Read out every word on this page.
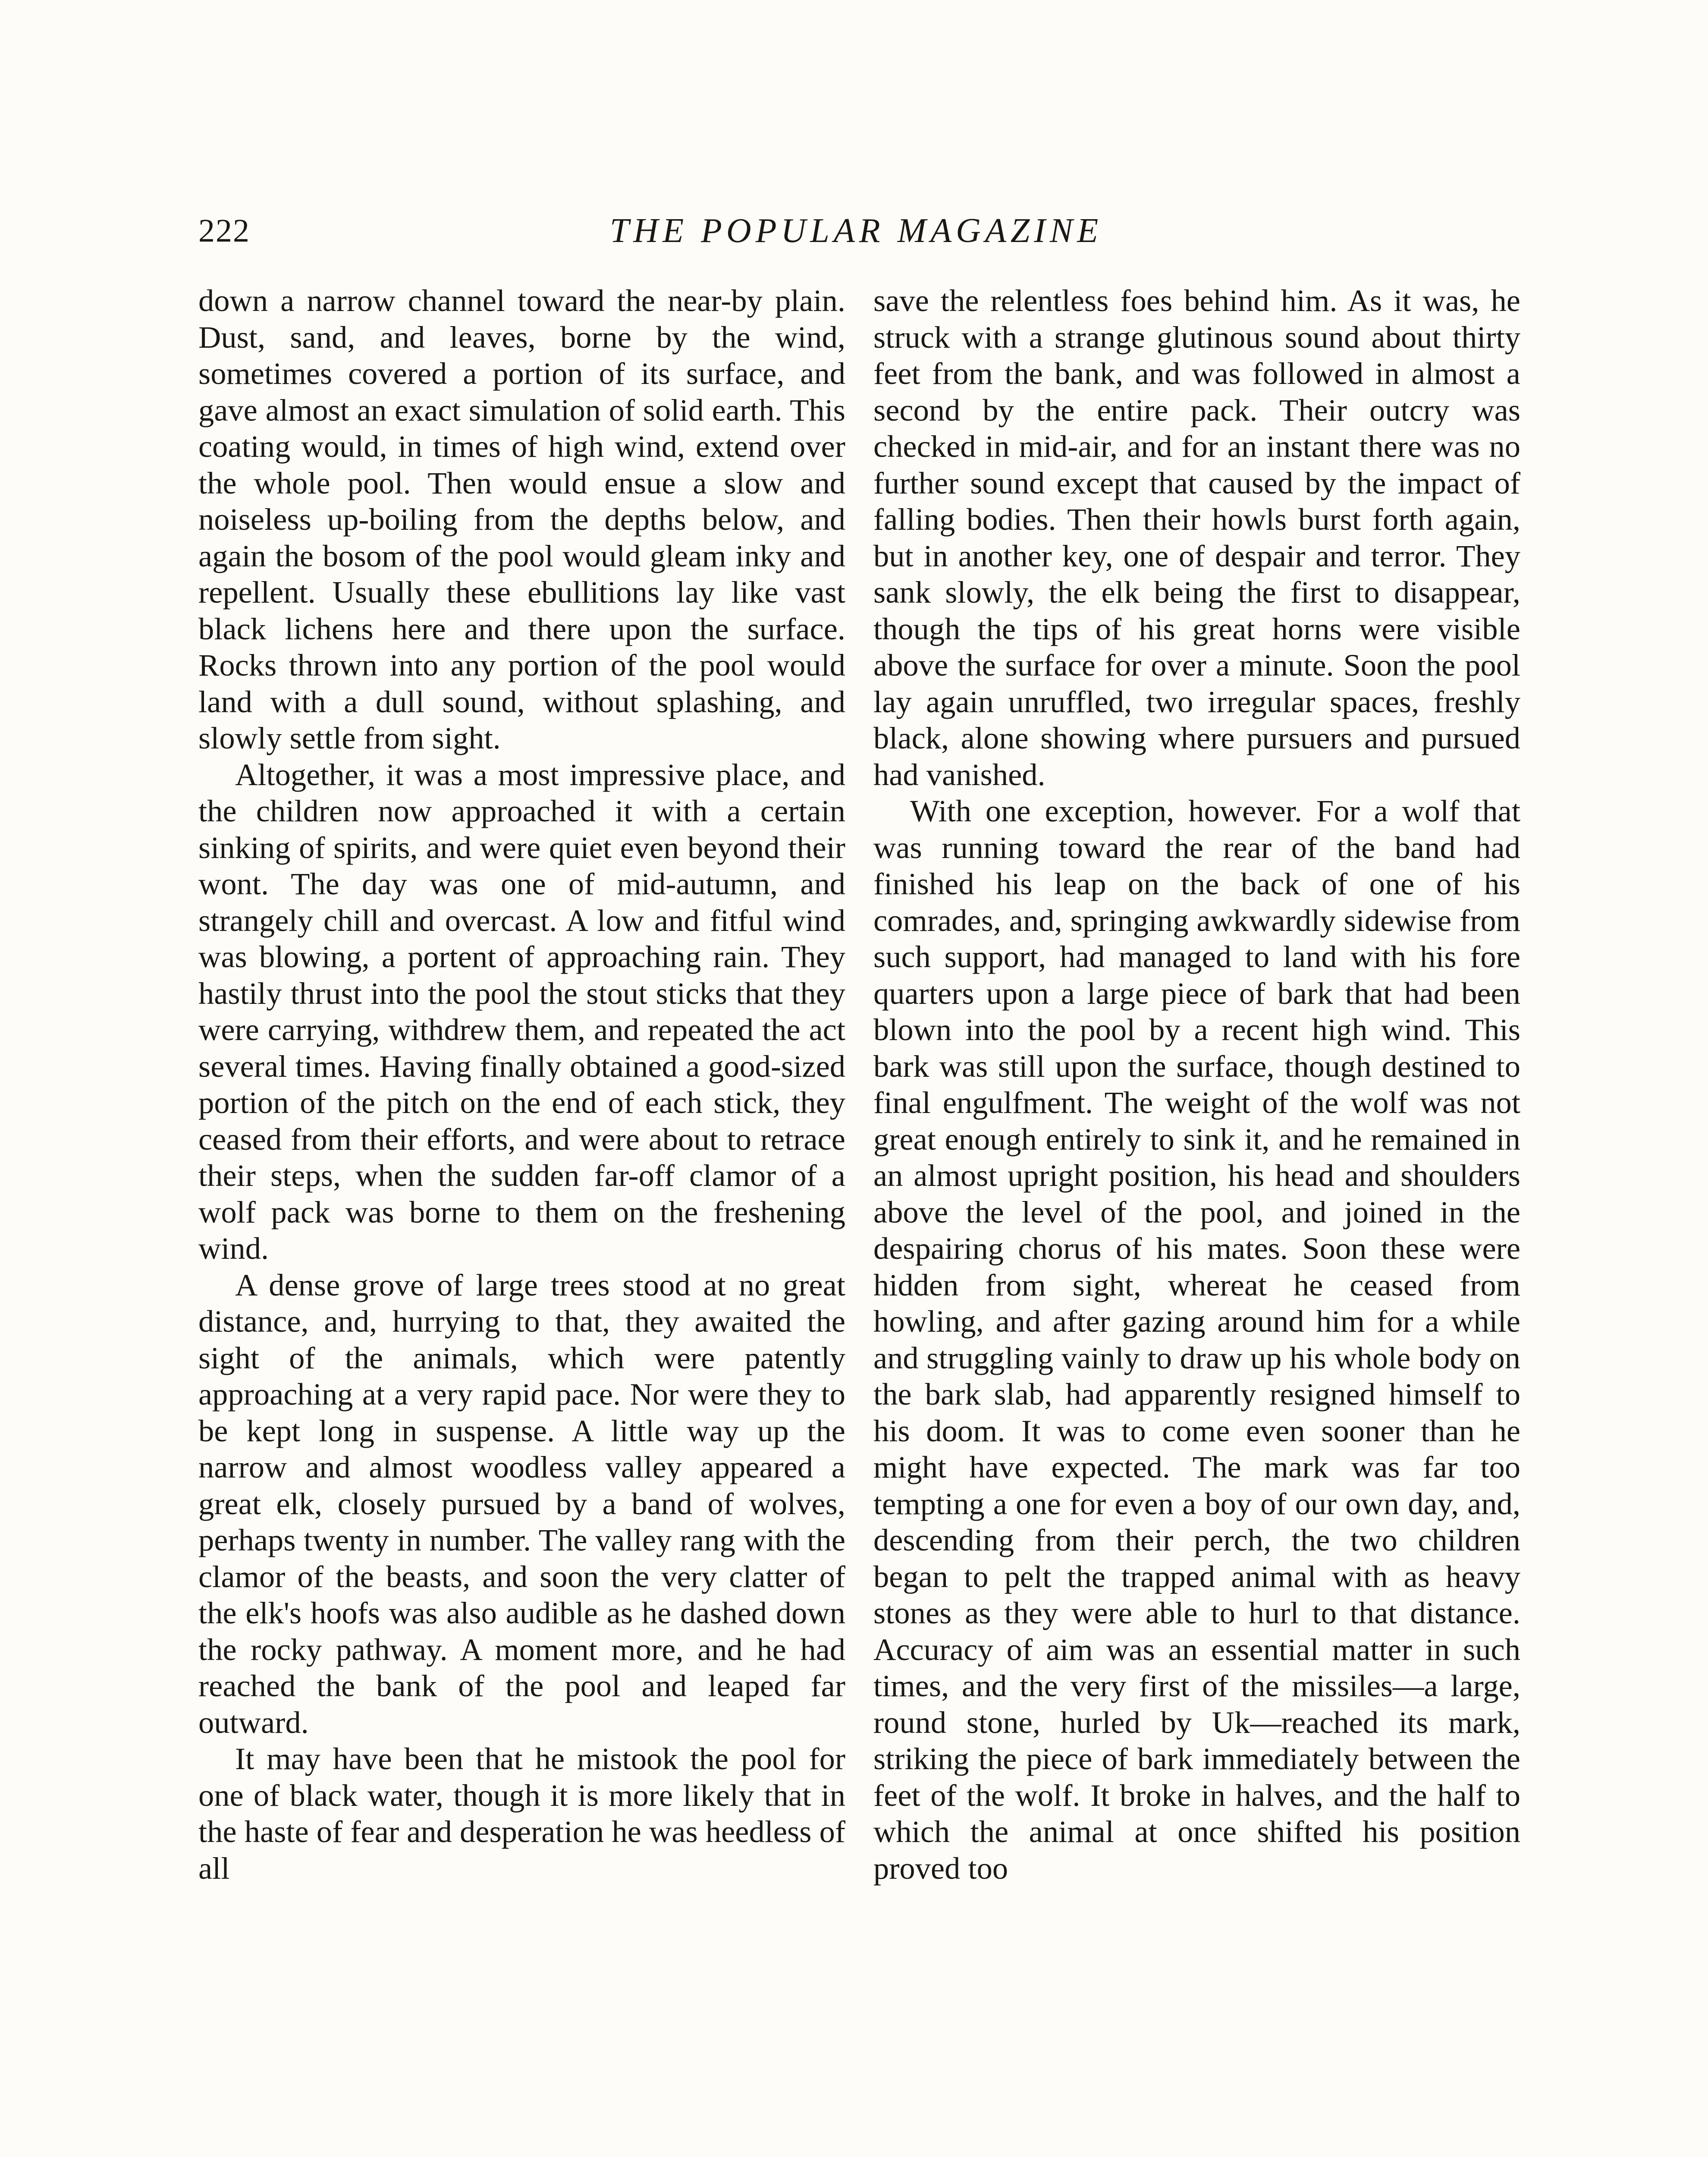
222	THE POPULAR MAGAZINE

down a narrow channel toward the near-by plain. Dust, sand, and leaves, borne by the wind, sometimes covered a portion of its surface, and gave almost an exact simulation of solid earth. This coating would, in times of high wind, extend over the whole pool. Then would ensue a slow and noiseless up-boiling from the depths below, and again the bosom of the pool would gleam inky and repellent. Usually these ebullitions lay like vast black lichens here and there upon the surface. Rocks thrown into any portion of the pool would land with a dull sound, without splashing, and slowly settle from sight.

Altogether, it was a most impressive place, and the children now approached it with a certain sinking of spirits, and were quiet even beyond their wont. The day was one of mid-autumn, and strangely chill and overcast. A low and fitful wind was blowing, a portent of approaching rain. They hastily thrust into the pool the stout sticks that they were carrying, withdrew them, and repeated the act several times. Having finally obtained a good-sized portion of the pitch on the end of each stick, they ceased from their efforts, and were about to retrace their steps, when the sudden far-off clamor of a wolf pack was borne to them on the freshening wind.

A dense grove of large trees stood at no great distance, and, hurrying to that, they awaited the sight of the animals, which were patently approaching at a very rapid pace. Nor were they to be kept long in suspense. A little way up the narrow and almost woodless valley appeared a great elk, closely pursued by a band of wolves, perhaps twenty in number. The valley rang with the clamor of the beasts, and soon the very clatter of the elk's hoofs was also audible as he dashed down the rocky pathway. A moment more, and he had reached the bank of the pool and leaped far outward.

It may have been that he mistook the pool for one of black water, though it is more likely that in the haste of fear and desperation he was heedless of all

save the relentless foes behind him. As it was, he struck with a strange glutinous sound about thirty feet from the bank, and was followed in almost a second by the entire pack. Their outcry was checked in mid-air, and for an instant there was no further sound except that caused by the impact of falling bodies. Then their howls burst forth again, but in another key, one of despair and terror. They sank slowly, the elk being the first to disappear, though the tips of his great horns were visible above the surface for over a minute. Soon the pool lay again unruffled, two irregular spaces, freshly black, alone showing where pursuers and pursued had vanished.

With one exception, however. For a wolf that was running toward the rear of the band had finished his leap on the back of one of his comrades, and, springing awkwardly sidewise from such support, had managed to land with his fore quarters upon a large piece of bark that had been blown into the pool by a recent high wind. This bark was still upon the surface, though destined to final engulfment. The weight of the wolf was not great enough entirely to sink it, and he remained in an almost upright position, his head and shoulders above the level of the pool, and joined in the despairing chorus of his mates. Soon these were hidden from sight, whereat he ceased from howling, and after gazing around him for a while and struggling vainly to draw up his whole body on the bark slab, had apparently resigned himself to his doom. It was to come even sooner than he might have expected. The mark was far too tempting a one for even a boy of our own day, and, descending from their perch, the two children began to pelt the trapped animal with as heavy stones as they were able to hurl to that distance. Accuracy of aim was an essential matter in such times, and the very first of the missiles—a large, round stone, hurled by Uk—reached its mark, striking the piece of bark immediately between the feet of the wolf. It broke in halves, and the half to which the animal at once shifted his position proved too
